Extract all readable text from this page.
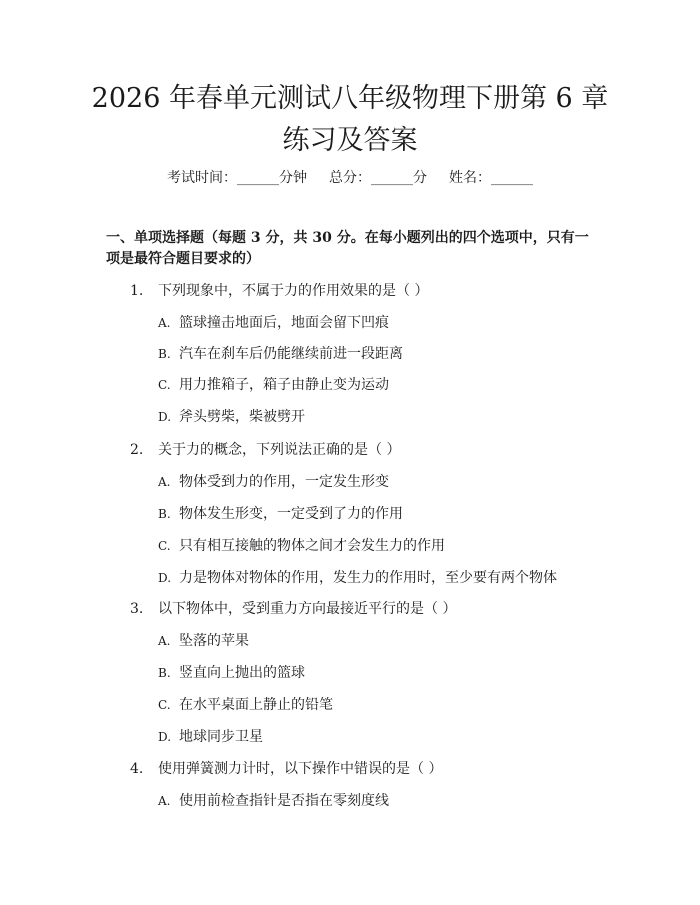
2026 年春单元测试八年级物理下册第 6 章练习及答案
考试时间：______分钟 总分：______分 姓名：______
一、单项选择题（每题 3 分，共 30 分。在每小题列出的四个选项中，只有一项是最符合题目要求的）
1. 下列现象中，不属于力的作用效果的是（ ）
A. 篮球撞击地面后，地面会留下凹痕
B. 汽车在刹车后仍能继续前进一段距离
C. 用力推箱子，箱子由静止变为运动
D. 斧头劈柴，柴被劈开
2. 关于力的概念，下列说法正确的是（ ）
A. 物体受到力的作用，一定发生形变
B. 物体发生形变，一定受到了力的作用
C. 只有相互接触的物体之间才会发生力的作用
D. 力是物体对物体的作用，发生力的作用时，至少要有两个物体
3. 以下物体中，受到重力方向最接近平行的是（ ）
A. 坠落的苹果
B. 竖直向上抛出的篮球
C. 在水平桌面上静止的铅笔
D. 地球同步卫星
4. 使用弹簧测力计时，以下操作中错误的是（ ）
A. 使用前检查指针是否指在零刻度线
